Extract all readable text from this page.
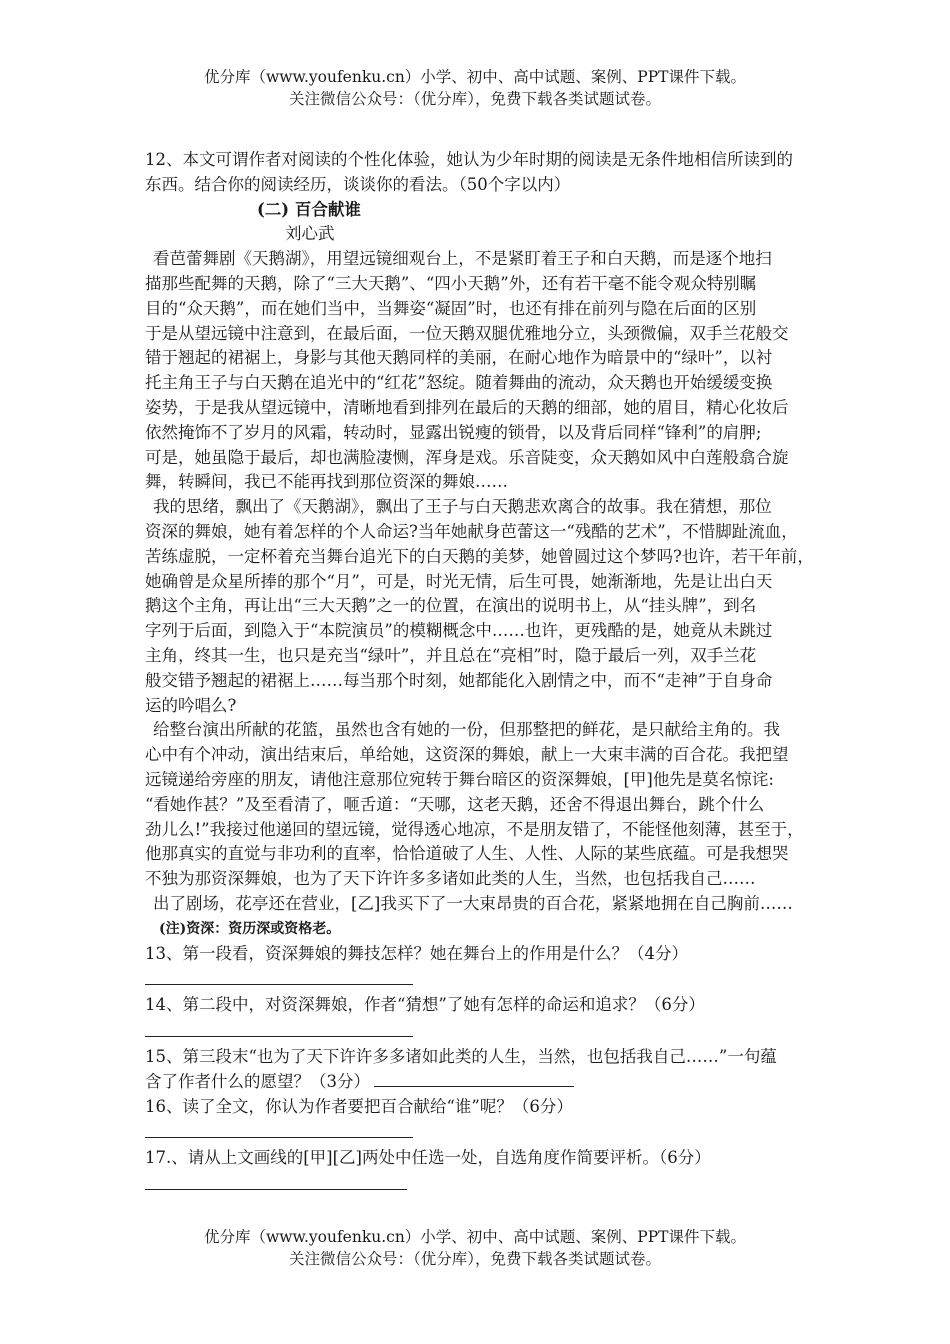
优分库（www.youfenku.cn）小学、初中、高中试题、案例、PPT课件下载。
关注微信公众号：（优分库），免费下载各类试题试卷。
12、本文可谓作者对阅读的个性化体验，她认为少年时期的阅读是无条件地相信所读到的
东西。结合你的阅读经历，谈谈你的看法。（50个字以内）
(二) 百合献谁
刘心武
看芭蕾舞剧《天鹅湖》，用望远镜细观台上，不是紧盯着王子和白天鹅，而是逐个地扫
描那些配舞的天鹅，除了“三大天鹅”、“四小天鹅”外，还有若干毫不能令观众特别瞩
目的“众天鹅”，而在她们当中，当舞姿“凝固”时，也还有排在前列与隐在后面的区别
于是从望远镜中注意到，在最后面，一位天鹅双腿优雅地分立，头颈微偏，双手兰花般交
错于翘起的裙裾上，身影与其他天鹅同样的美丽，在耐心地作为暗景中的“绿叶”，以衬
托主角王子与白天鹅在追光中的“红花”怒绽。随着舞曲的流动，众天鹅也开始缓缓变换
姿势，于是我从望远镜中，清晰地看到排列在最后的天鹅的细部，她的眉目，精心化妆后
依然掩饰不了岁月的风霜，转动时，显露出锐瘦的锁骨，以及背后同样“锋利”的肩胛;
可是，她虽隐于最后，却也满脸凄恻，浑身是戏。乐音陡变，众天鹅如风中白莲般翕合旋
舞，转瞬间，我已不能再找到那位资深的舞娘……
我的思绪，飘出了《天鹅湖》，飘出了王子与白天鹅悲欢离合的故事。我在猜想，那位
资深的舞娘，她有着怎样的个人命运?当年她献身芭蕾这一“残酷的艺术”，不惜脚趾流血，
苦练虚脱，一定杯着充当舞台追光下的白天鹅的美梦，她曾圆过这个梦吗?也许，若干年前，
她确曾是众星所捧的那个“月”，可是，时光无情，后生可畏，她渐渐地，先是让出白天
鹅这个主角，再让出“三大天鹅”之一的位置，在演出的说明书上，从“挂头牌”，到名
字列于后面，到隐入于“本院演员”的模糊概念中……也许，更残酷的是，她竟从未跳过
主角，终其一生，也只是充当“绿叶”，并且总在“亮相”时，隐于最后一列，双手兰花
般交错予翘起的裙裾上……每当那个时刻，她都能化入剧情之中，而不“走神”于自身命
运的吟唱么?
给整台演出所献的花篮，虽然也含有她的一份，但那整把的鲜花，是只献给主角的。我
心中有个冲动，演出结束后，单给她，这资深的舞娘，献上一大束丰满的百合花。我把望
远镜递给旁座的朋友，请他注意那位宛转于舞台暗区的资深舞娘，[甲]他先是莫名惊诧:
“看她作甚？”及至看清了，咂舌道：“天哪，这老天鹅，还舍不得退出舞台，跳个什么
劲儿么!”我接过他递回的望远镜，觉得透心地凉，不是朋友错了，不能怪他刻薄，甚至于，
他那真实的直觉与非功利的直率，恰恰道破了人生、人性、人际的某些底蕴。可是我想哭
不独为那资深舞娘，也为了天下许许多多诸如此类的人生，当然，也包括我自己……
出了剧场，花亭还在营业，[乙]我买下了一大束昂贵的百合花，紧紧地拥在自己胸前……
(注)资深：资历深或资格老。
13、第一段看，资深舞娘的舞技怎样？她在舞台上的作用是什么？（4分）
14、第二段中，对资深舞娘，作者“猜想”了她有怎样的命运和追求？（6分）
15、第三段末“也为了天下许许多多诸如此类的人生，当然，也包括我自己……”一句蕴
含了作者什么的愿望？（3分）
16、读了全文，你认为作者要把百合献给“谁”呢？（6分）
17.、请从上文画线的[甲][乙]两处中任选一处，自选角度作简要评析。（6分）
优分库（www.youfenku.cn）小学、初中、高中试题、案例、PPT课件下载。
关注微信公众号：（优分库），免费下载各类试题试卷。
